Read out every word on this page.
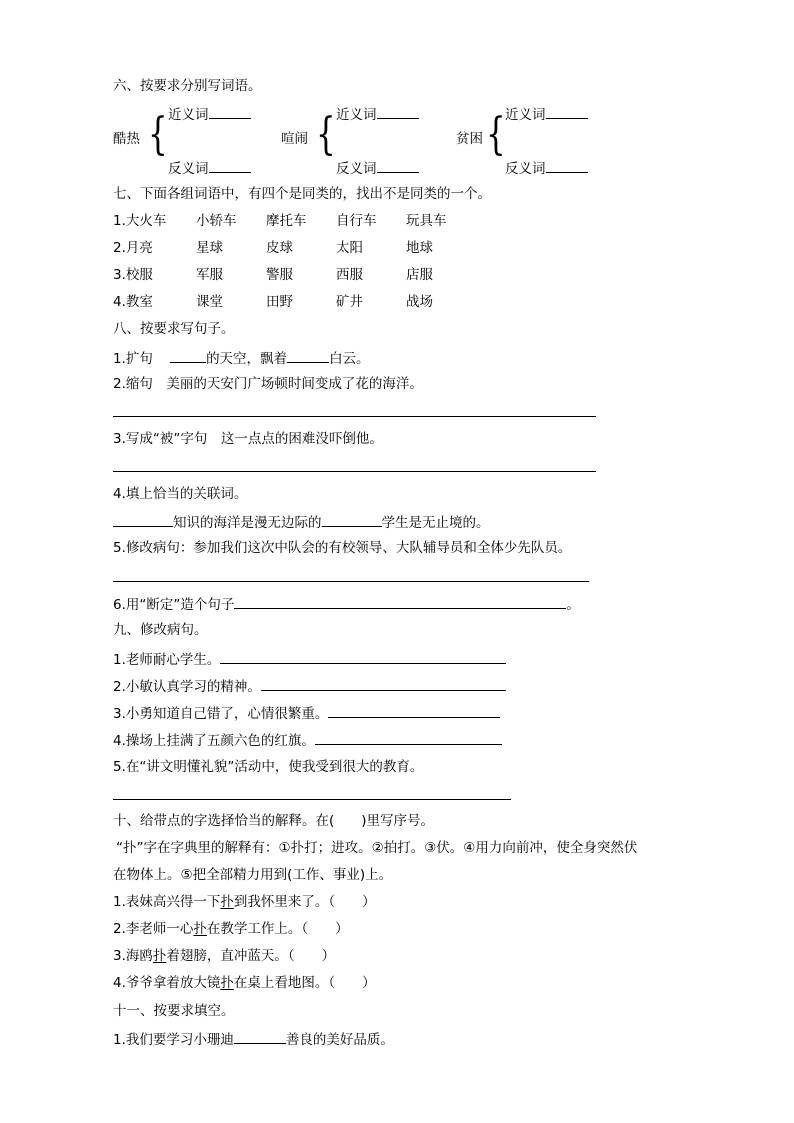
六、按要求分别写词语。
酷热 { 近义词
反义词
喧闹 { 近义词
反义词
贫困 { 近义词
反义词
七、下面各组词语中，有四个是同类的，找出不是同类的一个。
1.大火车 小轿车 摩托车 自行车 玩具车
2.月亮	星球	皮球	太阳	地球
3.校服	军服	警服	西服	店服
4.教室	课堂	田野	矿井	战场
八、按要求写句子。
1.扩句	的天空，飘着	白云。
2.缩句　美丽的天安门广场顿时间变成了花的海洋。
3.写成“被”字句　这一点点的困难没吓倒他。
4.填上恰当的关联词。
知识的海洋是漫无边际的	学生是无止境的。
5.修改病句：参加我们这次中队会的有校领导、大队辅导员和全体少先队员。
6.用“断定”造个句子	。
九、修改病句。
1.老师耐心学生。
2.小敏认真学习的精神。
3.小勇知道自己错了，心情很繁重。
4.操场上挂满了五颜六色的红旗。
5.在“讲文明懂礼貌”活动中，使我受到很大的教育。
十、给带点的字选择恰当的解释。在(　　)里写序号。
“扑”字在字典里的解释有：①扑打；进攻。②拍打。③伏。④用力向前冲，使全身突然伏
在物体上。⑤把全部精力用到(工作、事业)上。
1.表妹高兴得一下扑到我怀里来了。（　　）
2.李老师一心扑在教学工作上。（　　）
3.海鸥扑着翅膀，直冲蓝天。（　　）
4.爷爷拿着放大镜扑在桌上看地图。（　　）
十一、按要求填空。
1.我们要学习小珊迪	善良的美好品质。
